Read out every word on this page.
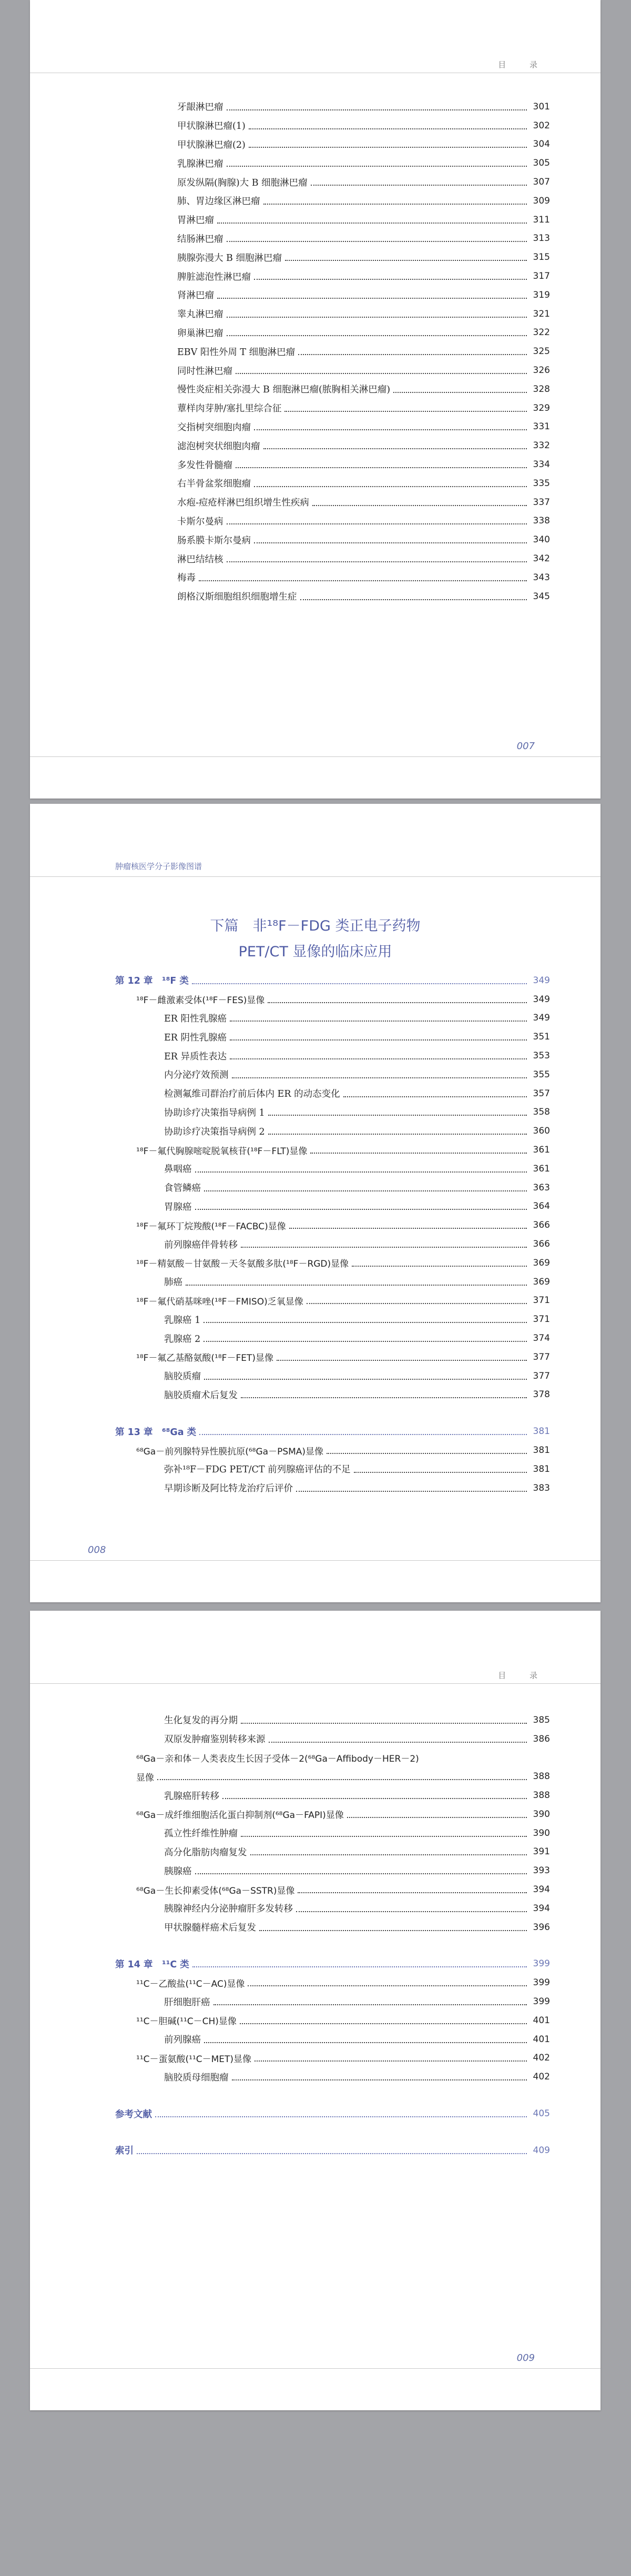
目 录
牙龈淋巴瘤	301
甲状腺淋巴瘤(1)	302
甲状腺淋巴瘤(2)	304
乳腺淋巴瘤	305
原发纵隔(胸腺)大 B 细胞淋巴瘤	307
肺、胃边缘区淋巴瘤	309
胃淋巴瘤	311
结肠淋巴瘤	313
胰腺弥漫大 B 细胞淋巴瘤	315
脾脏滤泡性淋巴瘤	317
肾淋巴瘤	319
睾丸淋巴瘤	321
卵巢淋巴瘤	322
EBV 阳性外周 T 细胞淋巴瘤	325
同时性淋巴瘤	326
慢性炎症相关弥漫大 B 细胞淋巴瘤(脓胸相关淋巴瘤)	328
蕈样肉芽肿/塞扎里综合征	329
交指树突细胞肉瘤	331
滤泡树突状细胞肉瘤	332
多发性骨髓瘤	334
右半骨盆浆细胞瘤	335
水疱-痘疮样淋巴组织增生性疾病	337
卡斯尔曼病	338
肠系膜卡斯尔曼病	340
淋巴结结核	342
梅毒	343
朗格汉斯细胞组织细胞增生症	345
007
肿瘤核医学分子影像图谱
下篇　非¹⁸F－FDG 类正电子药物
PET/CT 显像的临床应用
第 12 章　¹⁸F 类	349
¹⁸F－雌激素受体(¹⁸F－FES)显像	349
ER 阳性乳腺癌	349
ER 阴性乳腺癌	351
ER 异质性表达	353
内分泌疗效预测	355
检测氟维司群治疗前后体内 ER 的动态变化	357
协助诊疗决策指导病例 1	358
协助诊疗决策指导病例 2	360
¹⁸F－氟代胸腺嘧啶脱氧核苷(¹⁸F－FLT)显像	361
鼻咽癌	361
食管鳞癌	363
胃腺癌	364
¹⁸F－氟环丁烷羧酸(¹⁸F－FACBC)显像	366
前列腺癌伴骨转移	366
¹⁸F－精氨酸－甘氨酸－天冬氨酸多肽(¹⁸F－RGD)显像	369
肺癌	369
¹⁸F－氟代硝基咪唑(¹⁸F－FMISO)乏氧显像	371
乳腺癌 1	371
乳腺癌 2	374
¹⁸F－氟乙基酪氨酸(¹⁸F－FET)显像	377
脑胶质瘤	377
脑胶质瘤术后复发	378
第 13 章　⁶⁸Ga 类	381
⁶⁸Ga－前列腺特异性膜抗原(⁶⁸Ga－PSMA)显像	381
弥补¹⁸F－FDG PET/CT 前列腺癌评估的不足	381
早期诊断及阿比特龙治疗后评价	383
008
目 录
生化复发的再分期	385
双原发肿瘤鉴别转移来源	386
⁶⁸Ga－亲和体－人类表皮生长因子受体－2(⁶⁸Ga－Affibody－HER－2)
显像	388
乳腺癌肝转移	388
⁶⁸Ga－成纤维细胞活化蛋白抑制剂(⁶⁸Ga－FAPI)显像	390
孤立性纤维性肿瘤	390
高分化脂肪肉瘤复发	391
胰腺癌	393
⁶⁸Ga－生长抑素受体(⁶⁸Ga－SSTR)显像	394
胰腺神经内分泌肿瘤肝多发转移	394
甲状腺髓样癌术后复发	396
第 14 章　¹¹C 类	399
¹¹C－乙酸盐(¹¹C－AC)显像	399
肝细胞肝癌	399
¹¹C－胆碱(¹¹C－CH)显像	401
前列腺癌	401
¹¹C－蛋氨酸(¹¹C－MET)显像	402
脑胶质母细胞瘤	402
参考文献	405
索引	409
009
